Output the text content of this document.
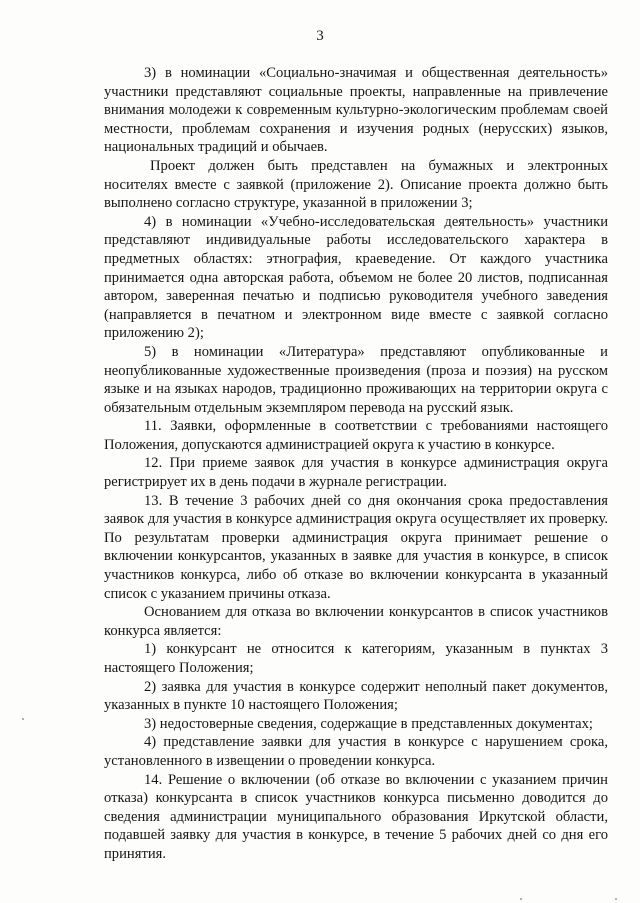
3

3) в номинации «Социально-значимая и общественная деятельность» участники представляют социальные проекты, направленные на привлечение внимания молодежи к современным культурно-экологическим проблемам своей местности, проблемам сохранения и изучения родных (нерусских) языков, национальных традиций и обычаев.

Проект должен быть представлен на бумажных и электронных носителях вместе с заявкой (приложение 2). Описание проекта должно быть выполнено согласно структуре, указанной в приложении 3;

4) в номинации «Учебно-исследовательская деятельность» участники представляют индивидуальные работы исследовательского характера в предметных областях: этнография, краеведение. От каждого участника принимается одна авторская работа, объемом не более 20 листов, подписанная автором, заверенная печатью и подписью руководителя учебного заведения (направляется в печатном и электронном виде вместе с заявкой согласно приложению 2);

5) в номинации «Литература» представляют опубликованные и неопубликованные художественные произведения (проза и поэзия) на русском языке и на языках народов, традиционно проживающих на территории округа с обязательным отдельным экземпляром перевода на русский язык.

11. Заявки, оформленные в соответствии с требованиями настоящего Положения, допускаются администрацией округа к участию в конкурсе.

12. При приеме заявок для участия в конкурсе администрация округа регистрирует их в день подачи в журнале регистрации.

13. В течение 3 рабочих дней со дня окончания срока предоставления заявок для участия в конкурсе администрация округа осуществляет их проверку. По результатам проверки администрация округа принимает решение о включении конкурсантов, указанных в заявке для участия в конкурсе, в список участников конкурса, либо об отказе во включении конкурсанта в указанный список с указанием причины отказа.

Основанием для отказа во включении конкурсантов в список участников конкурса является:

1) конкурсант не относится к категориям, указанным в пунктах 3 настоящего Положения;

2) заявка для участия в конкурсе содержит неполный пакет документов, указанных в пункте 10 настоящего Положения;

3) недостоверные сведения, содержащие в представленных документах;

4) представление заявки для участия в конкурсе с нарушением срока, установленного в извещении о проведении конкурса.

14. Решение о включении (об отказе во включении с указанием причин отказа) конкурсанта в список участников конкурса письменно доводится до сведения администрации муниципального образования Иркутской области, подавшей заявку для участия в конкурсе, в течение 5 рабочих дней со дня его принятия.
